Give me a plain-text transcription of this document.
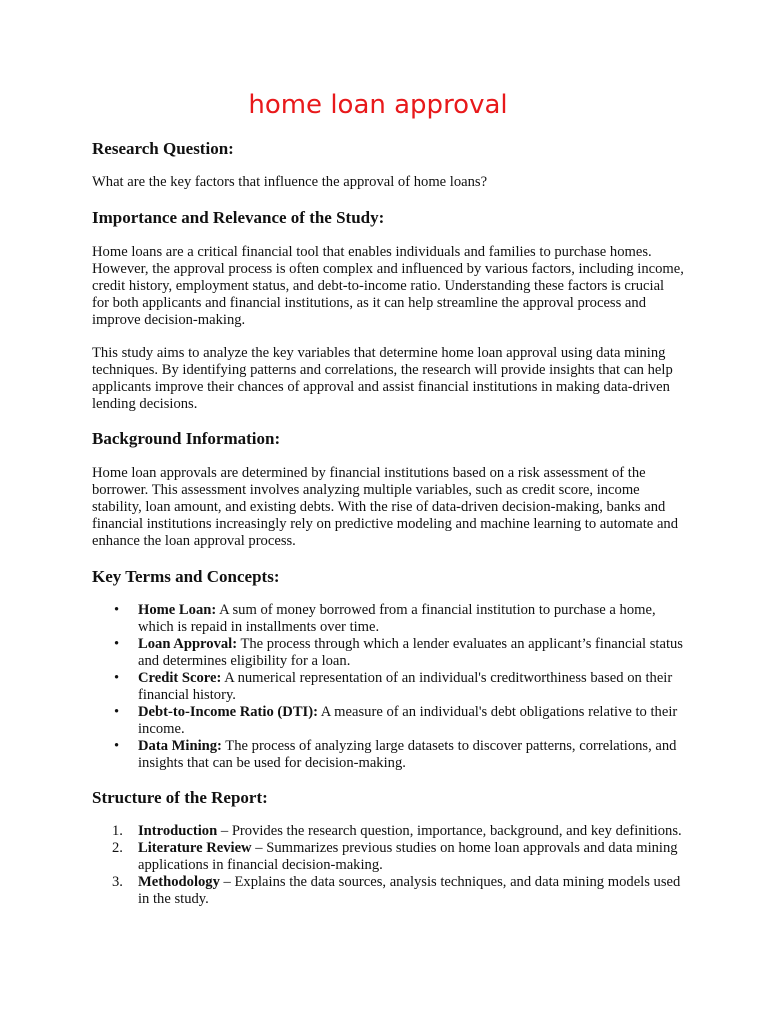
home loan approval
Research Question:

What are the key factors that influence the approval of home loans?

Importance and Relevance of the Study:

Home loans are a critical financial tool that enables individuals and families to purchase homes. However, the approval process is often complex and influenced by various factors, including income, credit history, employment status, and debt-to-income ratio. Understanding these factors is crucial for both applicants and financial institutions, as it can help streamline the approval process and improve decision-making.

This study aims to analyze the key variables that determine home loan approval using data mining techniques. By identifying patterns and correlations, the research will provide insights that can help applicants improve their chances of approval and assist financial institutions in making data-driven lending decisions.

Background Information:

Home loan approvals are determined by financial institutions based on a risk assessment of the borrower. This assessment involves analyzing multiple variables, such as credit score, income stability, loan amount, and existing debts. With the rise of data-driven decision-making, banks and financial institutions increasingly rely on predictive modeling and machine learning to automate and enhance the loan approval process.

Key Terms and Concepts:
• Home Loan: A sum of money borrowed from a financial institution to purchase a home, which is repaid in installments over time.
• Loan Approval: The process through which a lender evaluates an applicant’s financial status and determines eligibility for a loan.
• Credit Score: A numerical representation of an individual's creditworthiness based on their financial history.
• Debt-to-Income Ratio (DTI): A measure of an individual's debt obligations relative to their income.
• Data Mining: The process of analyzing large datasets to discover patterns, correlations, and insights that can be used for decision-making.
Structure of the Report:
1. Introduction – Provides the research question, importance, background, and key definitions.
2. Literature Review – Summarizes previous studies on home loan approvals and data mining applications in financial decision-making.
3. Methodology – Explains the data sources, analysis techniques, and data mining models used in the study.
